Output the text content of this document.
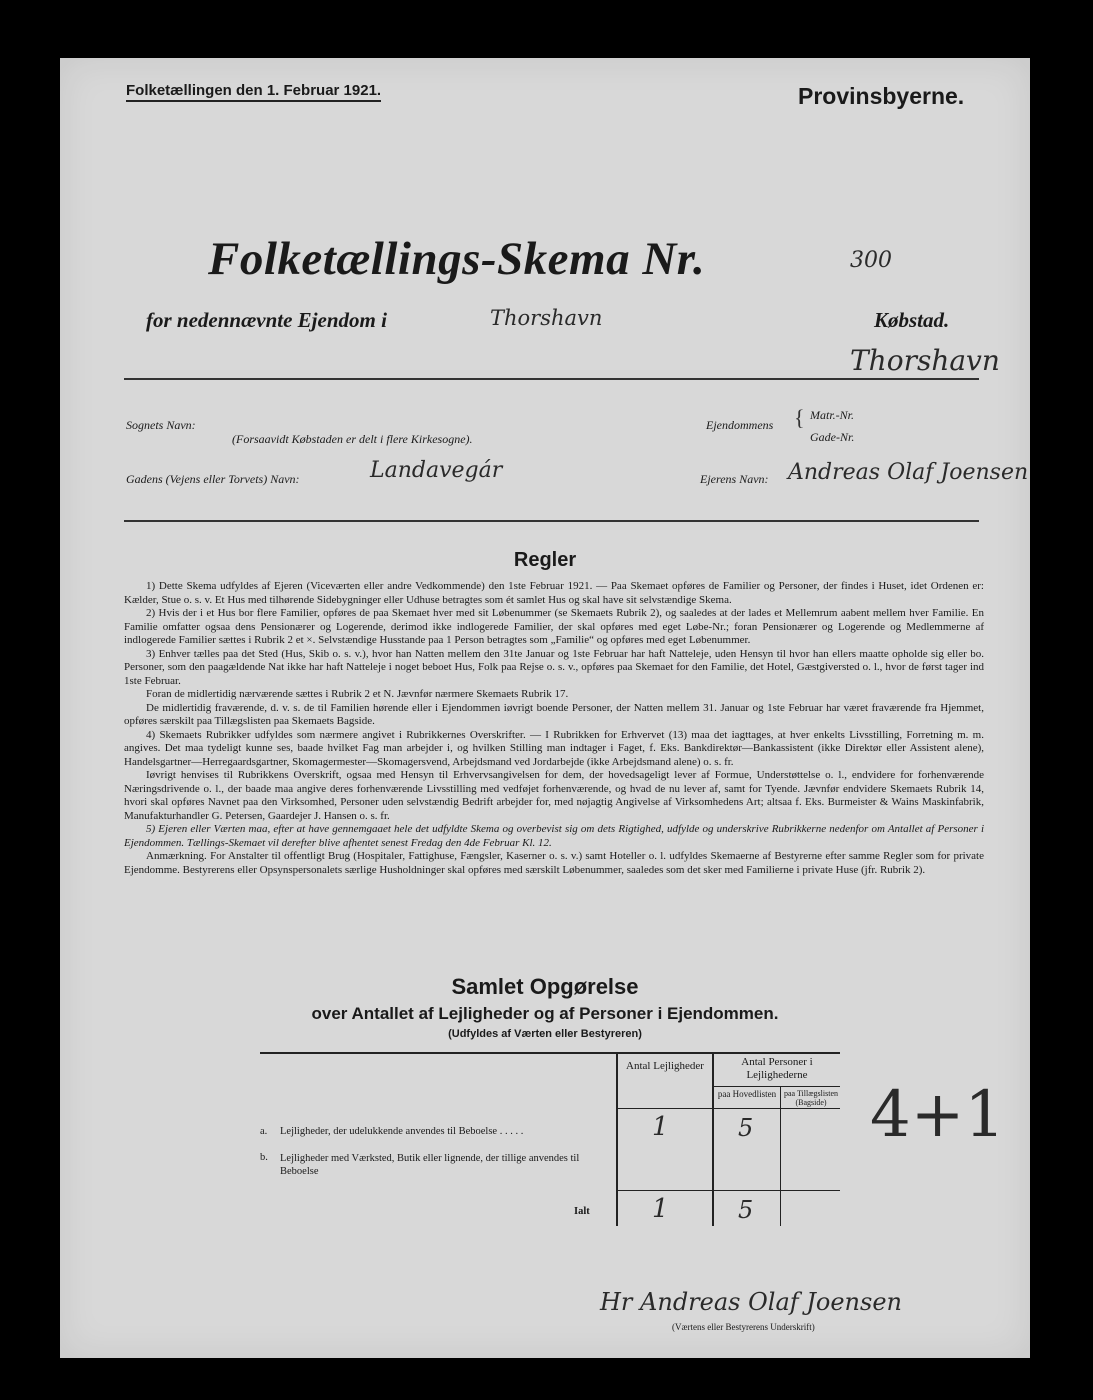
Folketællingen den 1. Februar 1921.	Provinsbyerne.
Folketællings-Skema Nr.	300
for nedennævnte Ejendom i	Thorshavn	Købstad.
Thorshavn
Sognets Navn:
(Forsaavidt Købstaden er delt i flere Kirkesogne).
Gadens (Vejens eller Torvets) Navn:	Landavegár
Ejendommens { Matr.-Nr.
Gade-Nr.
Ejerens Navn: Andreas Olaf Joensen
Regler
1) Dette Skema udfyldes af Ejeren (Viceværten eller andre Vedkommende) den 1ste Februar 1921. — Paa Skemaet opføres de Familier og Personer, der findes i Huset, idet Ordenen er: Kælder, Stue o. s. v. Et Hus med tilhørende Sidebygninger eller Udhuse betragtes som ét samlet Hus og skal have sit selvstændige Skema.
2) Hvis der i et Hus bor flere Familier, opføres de paa Skemaet hver med sit Løbenummer (se Skemaets Rubrik 2), og saaledes at der lades et Mellemrum aabent mellem hver Familie. En Familie omfatter ogsaa dens Pensionærer og Logerende, derimod ikke indlogerede Familier, der skal opføres med eget Løbe-Nr.; foran Pensionærer og Logerende og Medlemmerne af indlogerede Familier sættes i Rubrik 2 et ×. Selvstændige Husstande paa 1 Person betragtes som „Familie“ og opføres med eget Løbenummer.
3) Enhver tælles paa det Sted (Hus, Skib o. s. v.), hvor han Natten mellem den 31te Januar og 1ste Februar har haft Natteleje, uden Hensyn til hvor han ellers maatte opholde sig eller bo. Personer, som den paagældende Nat ikke har haft Natteleje i noget beboet Hus, Folk paa Rejse o. s. v., opføres paa Skemaet for den Familie, det Hotel, Gæstgiversted o. l., hvor de først tager ind 1ste Februar.
Foran de midlertidig nærværende sættes i Rubrik 2 et N. Jævnfør nærmere Skemaets Rubrik 17.
De midlertidig fraværende, d. v. s. de til Familien hørende eller i Ejendommen iøvrigt boende Personer, der Natten mellem 31. Januar og 1ste Februar har været fraværende fra Hjemmet, opføres særskilt paa Tillægslisten paa Skemaets Bagside.
4) Skemaets Rubrikker udfyldes som nærmere angivet i Rubrikkernes Overskrifter. — I Rubrikken for Erhvervet (13) maa det iagttages, at hver enkelts Livsstilling, Forretning m. m. angives. Det maa tydeligt kunne ses, baade hvilket Fag man arbejder i, og hvilken Stilling man indtager i Faget, f. Eks. Bankdirektør—Bankassistent (ikke Direktør eller Assistent alene), Handelsgartner—Herregaardsgartner, Skomagermester—Skomagersvend, Arbejdsmand ved Jordarbejde (ikke Arbejdsmand alene) o. s. fr.
Iøvrigt henvises til Rubrikkens Overskrift, ogsaa med Hensyn til Erhvervsangivelsen for dem, der hovedsageligt lever af Formue, Understøttelse o. l., endvidere for forhenværende Næringsdrivende o. l., der baade maa angive deres forhenværende Livsstilling med vedføjet forhenværende, og hvad de nu lever af, samt for Tyende. Jævnfør endvidere Skemaets Rubrik 14, hvori skal opføres Navnet paa den Virksomhed, Personer uden selvstændig Bedrift arbejder for, med nøjagtig Angivelse af Virksomhedens Art; altsaa f. Eks. Burmeister & Wains Maskinfabrik, Manufakturhandler G. Petersen, Gaardejer J. Hansen o. s. fr.
5) Ejeren eller Værten maa, efter at have gennemgaaet hele det udfyldte Skema og overbevist sig om dets Rigtighed, udfylde og underskrive Rubrikkerne nedenfor om Antallet af Personer i Ejendommen. Tællings-Skemaet vil derefter blive afhentet senest Fredag den 4de Februar Kl. 12.
Anmærkning. For Anstalter til offentligt Brug (Hospitaler, Fattighuse, Fængsler, Kaserner o. s. v.) samt Hoteller o. l. udfyldes Skemaerne af Bestyrerne efter samme Regler som for private Ejendomme. Bestyrerens eller Opsynspersonalets særlige Husholdninger skal opføres med særskilt Løbenummer, saaledes som det sker med Familierne i private Huse (jfr. Rubrik 2).
Samlet Opgørelse
over Antallet af Lejligheder og af Personer i Ejendommen.
(Udfyldes af Værten eller Bestyreren)
Antal Lejligheder	Antal Personer i Lejlighederne
paa Hovedlisten paa Tillægslisten (Bagside)
a. Lejligheder, der udelukkende anvendes til Beboelse . . . . .	1	5
b. Lejligheder med Værksted, Butik eller lignende, der tillige anvendes til Beboelse
Ialt 1	5
4+1
Hr Andreas Olaf Joensen
(Værtens eller Bestyrerens Underskrift)
